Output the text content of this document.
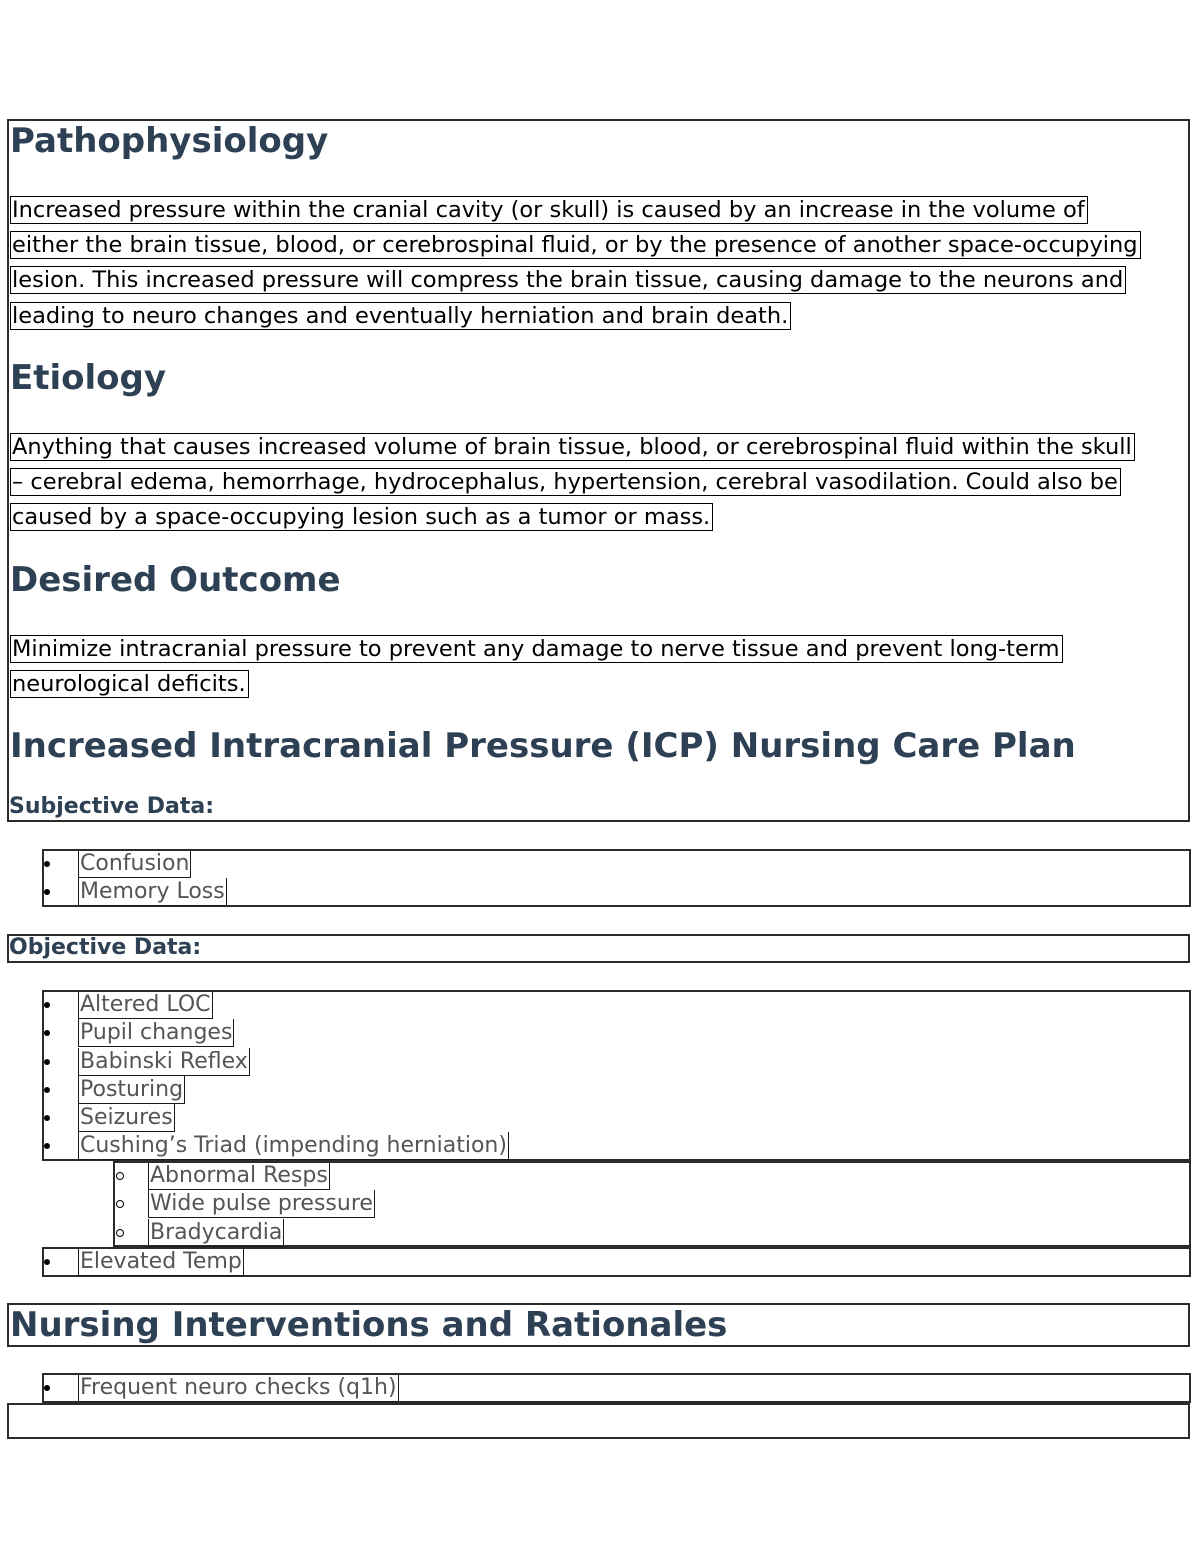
Pathophysiology
Increased pressure within the cranial cavity (or skull) is caused by an increase in the volume of
either the brain tissue, blood, or cerebrospinal fluid, or by the presence of another space-occupying
lesion. This increased pressure will compress the brain tissue, causing damage to the neurons and
leading to neuro changes and eventually herniation and brain death.
Etiology
Anything that causes increased volume of brain tissue, blood, or cerebrospinal fluid within the skull
– cerebral edema, hemorrhage, hydrocephalus, hypertension, cerebral vasodilation. Could also be
caused by a space-occupying lesion such as a tumor or mass.
Desired Outcome
Minimize intracranial pressure to prevent any damage to nerve tissue and prevent long-term
neurological deficits.
Increased Intracranial Pressure (ICP) Nursing Care Plan
Subjective Data:
Confusion
Memory Loss
Objective Data:
Altered LOC
Pupil changes
Babinski Reflex
Posturing
Seizures
Cushing’s Triad (impending herniation)
Abnormal Resps
Wide pulse pressure
Bradycardia
Elevated Temp
Nursing Interventions and Rationales
Frequent neuro checks (q1h)
